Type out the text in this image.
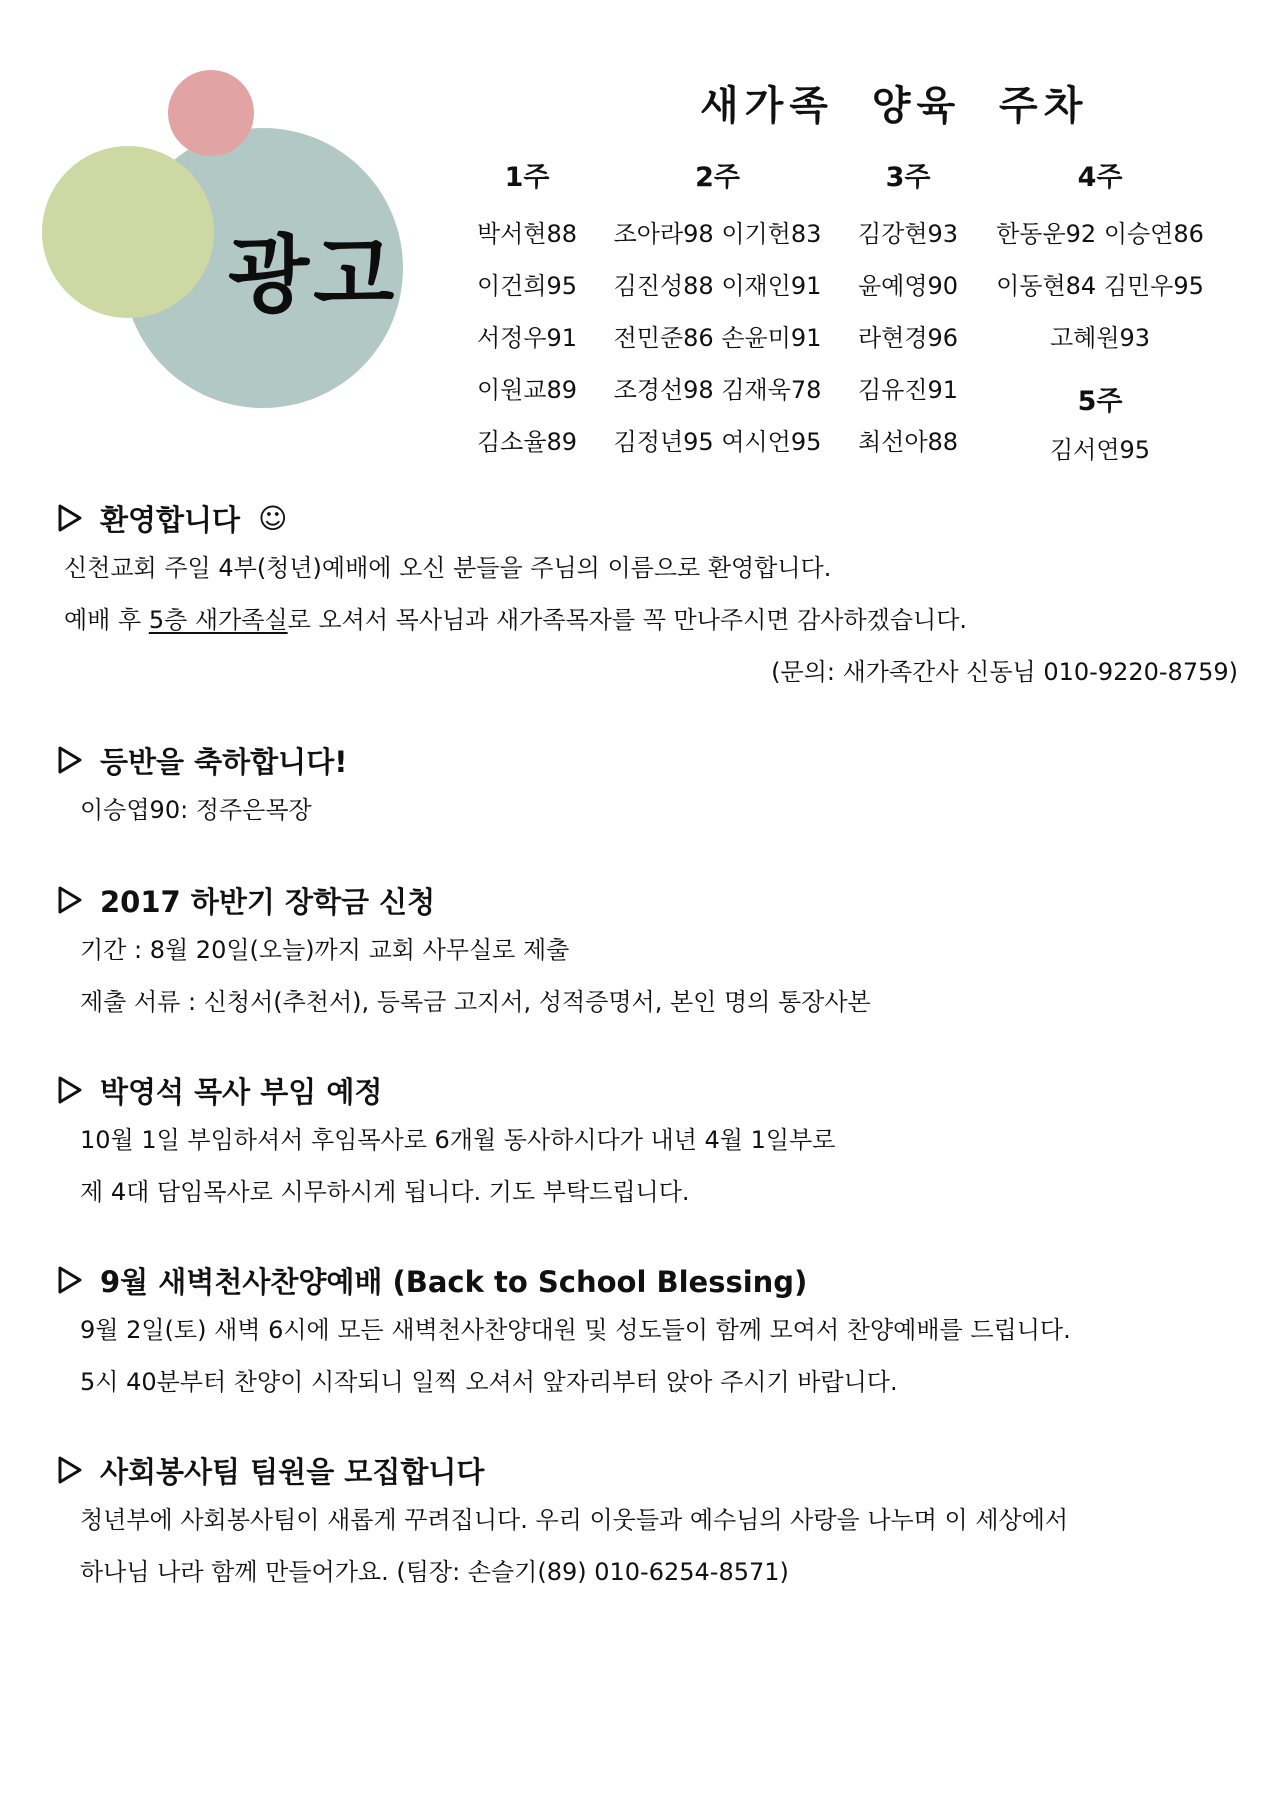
광고
새가족 양육 주차
1주
박서현88
이건희95
서정우91
이원교89
김소율89
2주
조아라98 이기헌83
김진성88 이재인91
전민준86 손윤미91
조경선98 김재욱78
김정년95 여시언95
3주
김강현93
윤예영90
라현경96
김유진91
최선아88
4주
한동운92 이승연86
이동현84 김민우95
고혜원93
5주
김서연95
환영합니다 ☺
신천교회 주일 4부(청년)예배에 오신 분들을 주님의 이름으로 환영합니다.
예배 후 5층 새가족실로 오셔서 목사님과 새가족목자를 꼭 만나주시면 감사하겠습니다.
(문의: 새가족간사 신동님 010-9220-8759)
등반을 축하합니다!
이승엽90: 정주은목장
2017 하반기 장학금 신청
기간 : 8월 20일(오늘)까지 교회 사무실로 제출
제출 서류 : 신청서(추천서), 등록금 고지서, 성적증명서, 본인 명의 통장사본
박영석 목사 부임 예정
10월 1일 부임하셔서 후임목사로 6개월 동사하시다가 내년 4월 1일부로
제 4대 담임목사로 시무하시게 됩니다. 기도 부탁드립니다.
9월 새벽천사찬양예배 (Back to School Blessing)
9월 2일(토) 새벽 6시에 모든 새벽천사찬양대원 및 성도들이 함께 모여서 찬양예배를 드립니다.
5시 40분부터 찬양이 시작되니 일찍 오셔서 앞자리부터 앉아 주시기 바랍니다.
사회봉사팀 팀원을 모집합니다
청년부에 사회봉사팀이 새롭게 꾸려집니다. 우리 이웃들과 예수님의 사랑을 나누며 이 세상에서
하나님 나라 함께 만들어가요. (팀장: 손슬기(89) 010-6254-8571)
